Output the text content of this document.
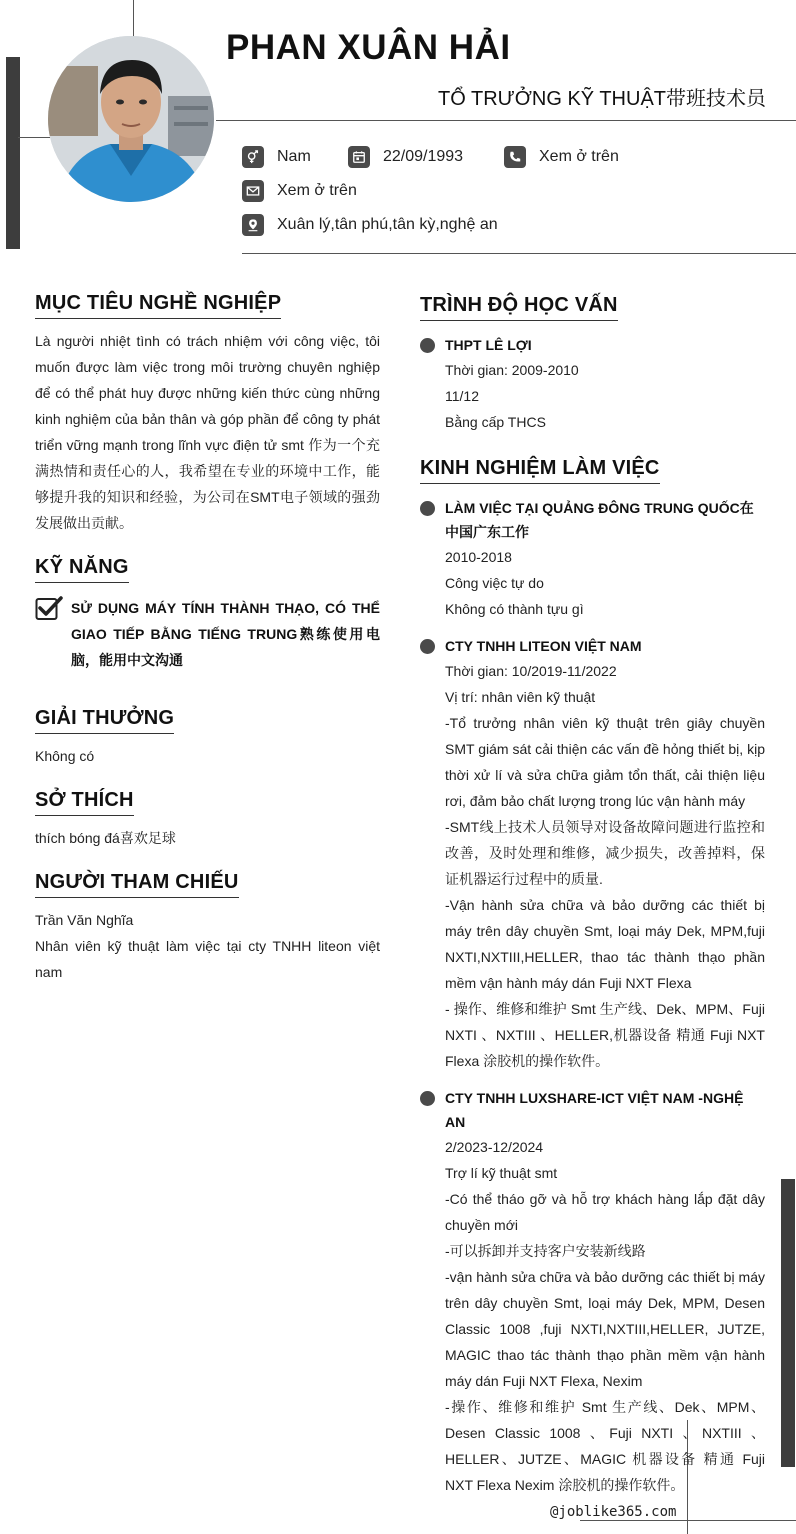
PHAN XUÂN HẢI
TỔ TRƯỞNG KỸ THUẬT带班技术员
Nam	22/09/1993	Xem ở trên
Xem ở trên
Xuân lý,tân phú,tân kỳ,nghệ an
MỤC TIÊU NGHỀ NGHIỆP

Là người nhiệt tình có trách nhiệm với công việc, tôi muốn được làm việc trong môi trường chuyên nghiệp để có thể phát huy được những kiến thức cùng những kinh nghiệm của bản thân và góp phần để công ty phát triển vững mạnh trong lĩnh vực điện tử smt 作为一个充满热情和责任心的人，我希望在专业的环境中工作，能够提升我的知识和经验，为公司在SMT电子领域的强劲发展做出贡献。

KỸ NĂNG
SỬ DỤNG MÁY TÍNH THÀNH THẠO, CÓ THỂ GIAO TIẾP BẰNG TIẾNG TRUNG熟练使用电脑，能用中文沟通
GIẢI THƯỞNG

Không có

SỞ THÍCH

thích bóng đá喜欢足球

NGƯỜI THAM CHIẾU

Trần Văn Nghĩa

Nhân viên kỹ thuật làm việc tại cty TNHH liteon việt nam

TRÌNH ĐỘ HỌC VẤN
THPT LÊ LỢI

Thời gian: 2009-2010

11/12

Bằng cấp THCS

KINH NGHIỆM LÀM VIỆC
LÀM VIỆC TẠI QUẢNG ĐÔNG TRUNG QUỐC在中国广东工作

2010-2018

Công việc tự do

Không có thành tựu gì

CTY TNHH LITEON VIỆT NAM

Thời gian: 10/2019-11/2022

Vị trí: nhân viên kỹ thuật

-Tổ trưởng nhân viên kỹ thuật trên giây chuyền SMT giám sát cải thiện các vấn đề hỏng thiết bị, kịp thời xử lí và sửa chữa giảm tổn thất, cải thiện liệu rơi, đảm bảo chất lượng trong lúc vận hành máy

-SMT线上技术人员领导对设备故障问题进行监控和改善，及时处理和维修，减少损失，改善掉料，保证机器运行过程中的质量.

-Vận hành sửa chữa và bảo dưỡng các thiết bị máy trên dây chuyền Smt, loại máy Dek, MPM,fuji NXTI,NXTIII,HELLER, thao tác thành thạo phần mềm vận hành máy dán Fuji NXT Flexa

- 操作、维修和维护 Smt 生产线、Dek、MPM、Fuji NXTI 、NXTIII 、HELLER,机器设备 精通 Fuji NXT Flexa 涂胶机的操作软件。

CTY TNHH LUXSHARE-ICT VIỆT NAM -NGHỆ AN

2/2023-12/2024

Trợ lí kỹ thuật smt

-Có thể tháo gỡ và hỗ trợ khách hàng lắp đặt dây chuyền mới

-可以拆卸并支持客户安装新线路

-vận hành sửa chữa và bảo dưỡng các thiết bị máy trên dây chuyền Smt, loại máy Dek, MPM, Desen Classic 1008 ,fuji NXTI,NXTIII,HELLER, JUTZE, MAGIC thao tác thành thạo phần mềm vận hành máy dán Fuji NXT Flexa, Nexim

-操作、维修和维护 Smt 生产线、Dek、MPM、Desen Classic 1008 、Fuji NXTI 、NXTIII 、HELLER、JUTZE、MAGIC 机器设备 精通 Fuji NXT Flexa Nexim 涂胶机的操作软件。

@joblike365.com
